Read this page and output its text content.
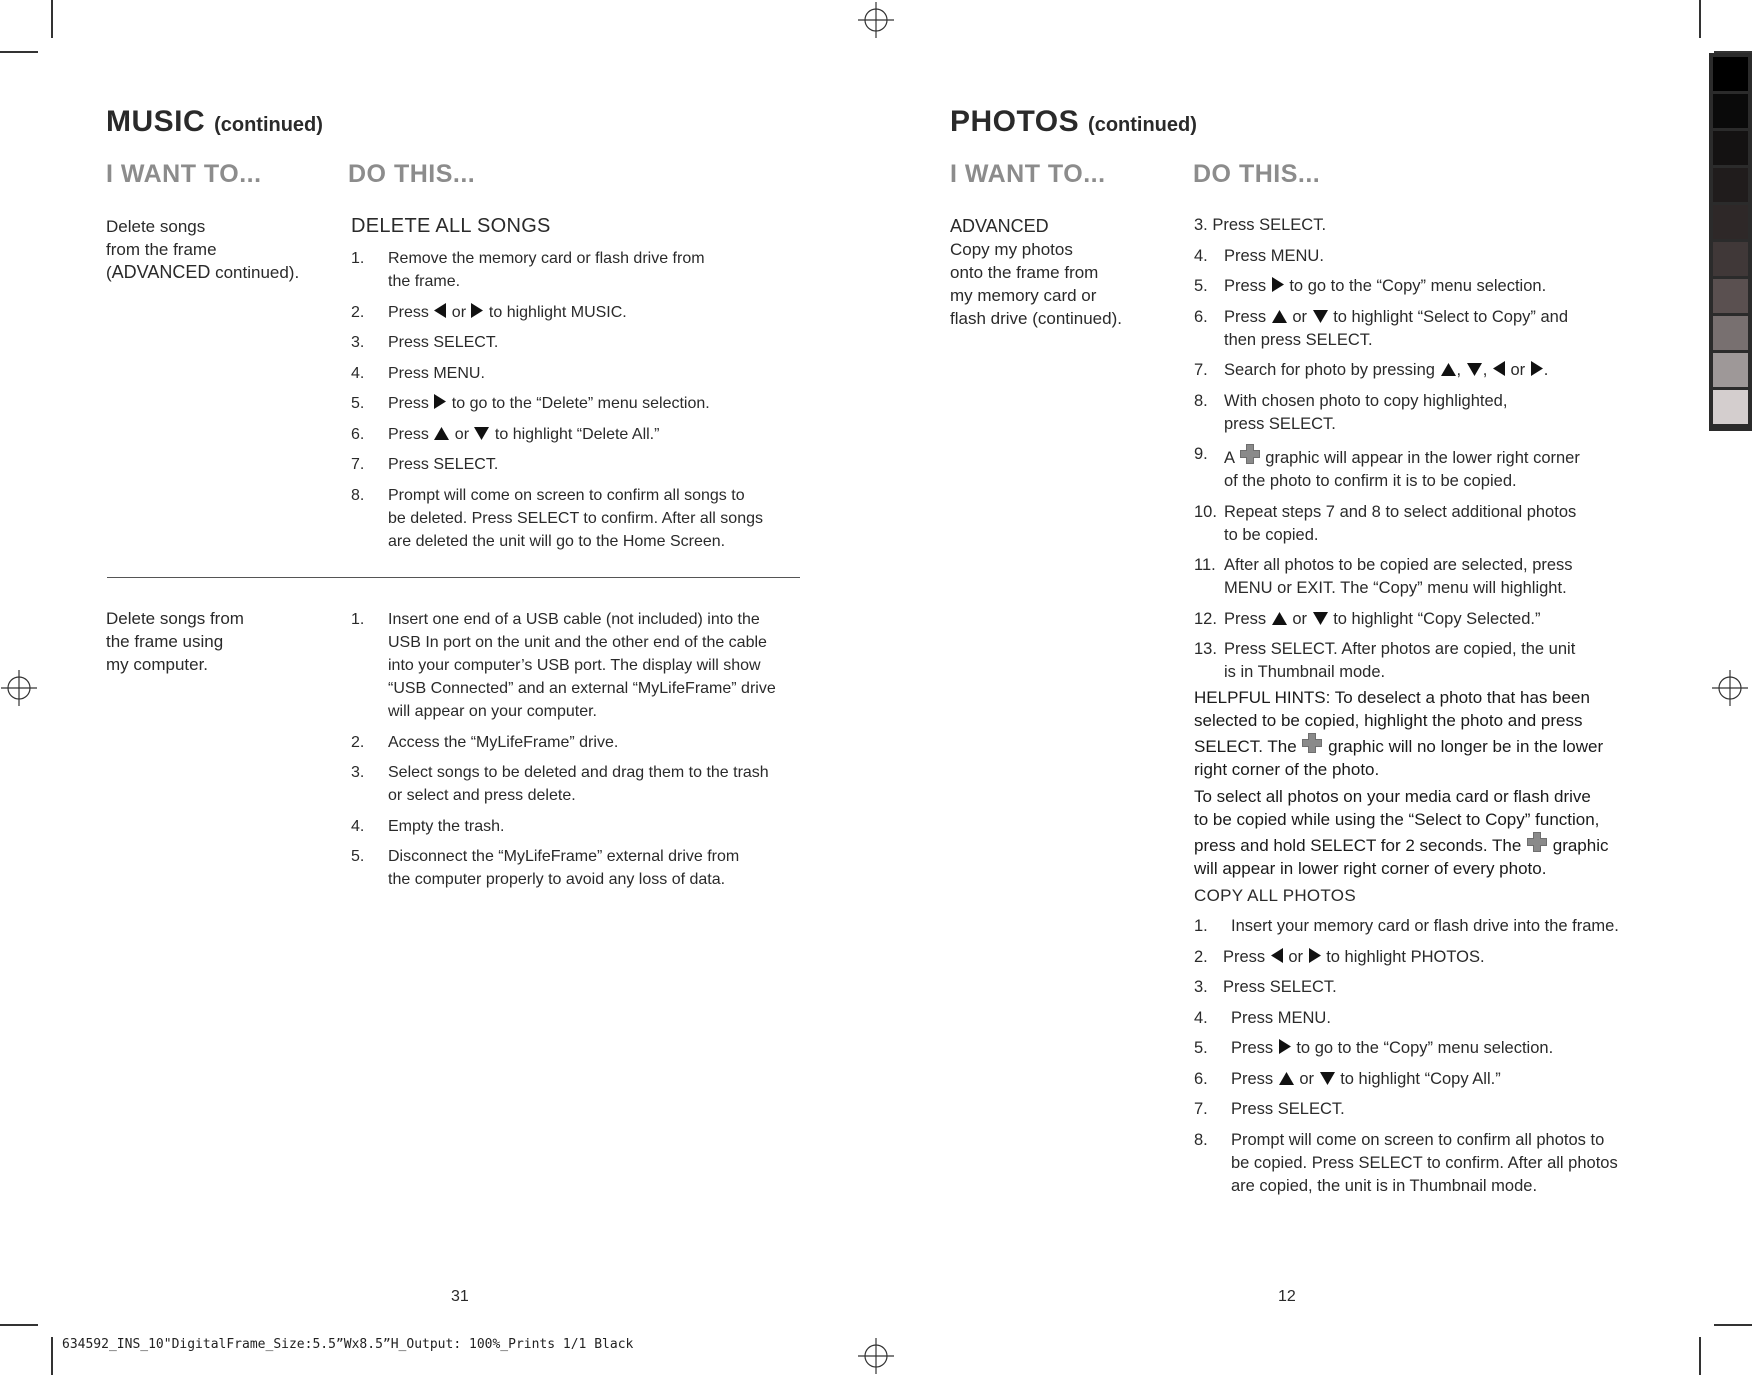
MUSIC (continued)
I WANT TO...	DO THIS...
Delete songs
from the frame
(ADVANCED continued).
DELETE ALL SONGS
1. Remove the memory card or flash drive from
the frame.
2. Press  or  to highlight MUSIC.
3. Press SELECT.
4. Press MENU.
5. Press  to go to the “Delete” menu selection.
6. Press  or  to highlight “Delete All.”
7. Press SELECT.
8. Prompt will come on screen to confirm all songs to
be deleted. Press SELECT to confirm. After all songs
are deleted the unit will go to the Home Screen.
Delete songs from
the frame using
my computer.
1. Insert one end of a USB cable (not included) into the
USB In port on the unit and the other end of the cable
into your computer’s USB port. The display will show
“USB Connected” and an external “MyLifeFrame” drive
will appear on your computer.
2. Access the “MyLifeFrame” drive.
3. Select songs to be deleted and drag them to the trash
or select and press delete.
4. Empty the trash.
5. Disconnect the “MyLifeFrame” external drive from
the computer properly to avoid any loss of data.
31
PHOTOS (continued)
I WANT TO...	DO THIS...
ADVANCED
Copy my photos
onto the frame from
my memory card or
flash drive (continued).
3. Press SELECT.
4. Press MENU.
5. Press  to go to the “Copy” menu selection.
6. Press  or  to highlight “Select to Copy” and
then press SELECT.
7. Search for photo by pressing , ,  or .
8. With chosen photo to copy highlighted,
press SELECT.
9. A  graphic will appear in the lower right corner
of the photo to confirm it is to be copied.
10. Repeat steps 7 and 8 to select additional photos
to be copied.
11. After all photos to be copied are selected, press
MENU or EXIT. The “Copy” menu will highlight.
12. Press  or  to highlight “Copy Selected.”
13. Press SELECT. After photos are copied, the unit
is in Thumbnail mode.
HELPFUL HINTS: To deselect a photo that has been
selected to be copied, highlight the photo and press
SELECT. The  graphic will no longer be in the lower
right corner of the photo.
To select all photos on your media card or flash drive
to be copied while using the “Select to Copy” function,
press and hold SELECT for 2 seconds. The  graphic
will appear in lower right corner of every photo.
COPY ALL PHOTOS
1. Insert your memory card or flash drive into the frame.
2. Press  or  to highlight PHOTOS.
3. Press SELECT.
4. Press MENU.
5. Press  to go to the “Copy” menu selection.
6. Press  or  to highlight “Copy All.”
7. Press SELECT.
8. Prompt will come on screen to confirm all photos to
be copied. Press SELECT to confirm. After all photos
are copied, the unit is in Thumbnail mode.
12
634592_INS_10"DigitalFrame_Size:5.5”Wx8.5”H_Output: 100%_Prints 1/1 Black
